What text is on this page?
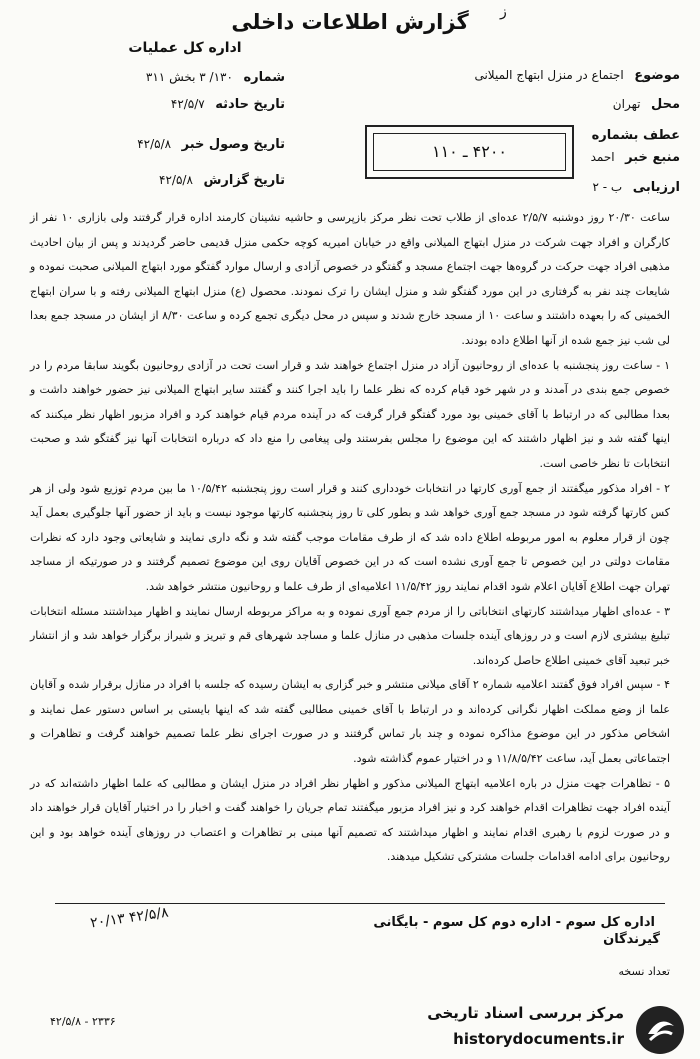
ز
گزارش اطلاعات داخلی
اداره کل عملیات
شماره ۱۳۰/ ۳ بخش ۳۱۱
تاریخ حادثه ۴۲/۵/۷
تاریخ وصول خبر ۴۲/۵/۸
تاریخ گزارش ۴۲/۵/۸
موضوع اجتماع در منزل ابتهاج المیلانی
محل تهران
عطف بشماره
منبع خبر احمد
ارزیابی ب - ۲
۴۲۰۰ ـ ۱۱۰

ساعت ۲۰/۳۰ روز دوشنبه ۲/۵/۷ عده‌ای از طلاب تحت نظر مرکز بازپرسی و حاشیه نشینان کارمند اداره قرار گرفتند ولی بازاری ۱۰ نفر از کارگران و افراد جهت شرکت در منزل ابتهاج المیلانی واقع در خیابان امیریه کوچه حکمی منزل قدیمی حاضر گردیدند و پس از بیان احادیث مذهبی افراد جهت حرکت در گروه‌ها جهت اجتماع مسجد و گفتگو در خصوص آزادی و ارسال موارد گفتگو مورد ابتهاج المیلانی صحبت نموده و شایعات چند نفر به گرفتاری در این مورد گفتگو شد و منزل ایشان را ترک نمودند. محصول (ع) منزل ابتهاج المیلانی رفته و با سران ابتهاج الخمینی که را بعهده داشتند و ساعت ۱۰ از مسجد خارج شدند و سپس در محل دیگری تجمع کرده و ساعت ۸/۳۰ از ایشان در مسجد جمع بعدا لی شب نیز جمع شده از آنها اطلاع داده بودند.

۱ - ساعت روز پنجشنبه با عده‌ای از روحانیون آزاد در منزل اجتماع خواهند شد و قرار است تحت در آزادی روحانیون بگویند سابقا مردم را در خصوص جمع بندی در آمدند و در شهر خود قیام کرده که نظر علما را باید اجرا کنند و گفتند سایر ابتهاج المیلانی نیز حضور خواهند داشت و بعدا مطالبی که در ارتباط با آقای خمینی بود مورد گفتگو قرار گرفت که در آینده مردم قیام خواهند کرد و افراد مزبور اظهار نظر میکنند که اینها گفته شد و نیز اظهار داشتند که این موضوع را مجلس بفرستند ولی پیغامی را منع داد که درباره انتخابات آنها نیز گفتگو شد و صحبت انتخابات تا نظر خاصی است.

۲ - افراد مذکور میگفتند از جمع آوری کارتها در انتخابات خودداری کنند و قرار است روز پنجشنبه ۱۰/۵/۴۲ ما بین مردم توزیع شود ولی از هر کس کارتها گرفته شود در مسجد جمع آوری خواهد شد و بطور کلی تا روز پنجشنبه کارتها موجود نیست و باید از حضور آنها جلوگیری بعمل آید چون از قرار معلوم به امور مربوطه اطلاع داده شد که از طرف مقامات موجب گفته شد و نگه داری نمایند و شایعاتی وجود دارد که نظرات مقامات دولتی در این خصوص تا جمع آوری نشده است که در این خصوص آقایان روی این موضوع تصمیم گرفتند و در صورتیکه از مساجد تهران جهت اطلاع آقایان اعلام شود اقدام نمایند روز ۱۱/۵/۴۲ اعلامیه‌ای از طرف علما و روحانیون منتشر خواهد شد.

۳ - عده‌ای اظهار میداشتند کارتهای انتخاباتی را از مردم جمع آوری نموده و به مراکز مربوطه ارسال نمایند و اظهار میداشتند مسئله انتخابات تبلیغ بیشتری لازم است و در روزهای آینده جلسات مذهبی در منازل علما و مساجد شهرهای قم و تبریز و شیراز برگزار خواهد شد و از انتشار خبر تبعید آقای خمینی اطلاع حاصل کرده‌اند.

۴ - سپس افراد فوق گفتند اعلامیه شماره ۲ آقای میلانی منتشر و خبر گزاری به ایشان رسیده که جلسه با افراد در منازل برقرار شده و آقایان علما از وضع مملکت اظهار نگرانی کرده‌اند و در ارتباط با آقای خمینی مطالبی گفته شد که اینها بایستی بر اساس دستور عمل نمایند و اشخاص مذکور در این موضوع مذاکره نموده و چند بار تماس گرفتند و در صورت اجرای نظر علما تصمیم خواهند گرفت و تظاهرات و اجتماعاتی بعمل آید، ساعت ۱۱/۸/۵/۴۲ و در اختیار عموم گذاشته شود.

۵ - تظاهرات جهت منزل در باره اعلامیه ابتهاج المیلانی مذکور و اظهار نظر افراد در منزل ایشان و مطالبی که علما اظهار داشته‌اند که در آینده افراد جهت تظاهرات اقدام خواهند کرد و نیز افراد مزبور میگفتند تمام جریان را خواهند گفت و اخبار را در اختیار آقایان قرار خواهند داد و در صورت لزوم با رهبری اقدام نمایند و اظهار میداشتند که تصمیم آنها مبنی بر تظاهرات و اعتصاب در روزهای آینده خواهد بود و این روحانیون برای ادامه اقدامات جلسات مشترکی تشکیل میدهند.

اداره کل سوم - اداره دوم کل سوم - بایگانی
۲۰/۱۳ ۴۲/۵/۸
گیرندگان
تعداد نسخه
۴۲/۵/۸ - ۲۳۳۶	مرکز بررسی اسناد تاریخی
historydocuments.ir
